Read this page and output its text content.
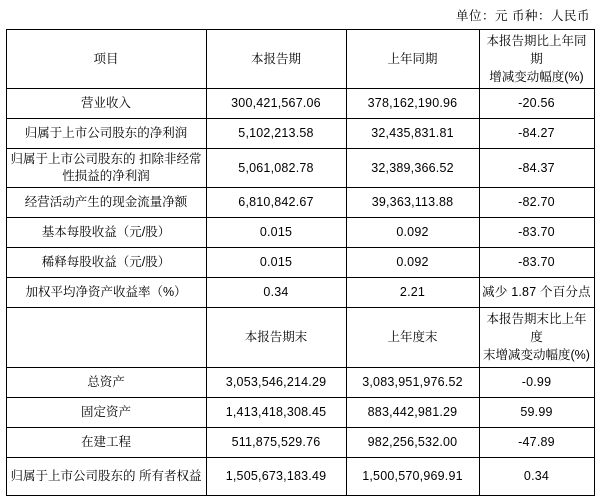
单位：元 币种：人民币
项目	本报告期	上年同期	本报告期比上年同期
增减变动幅度(%)

营业收入	300,421,567.06	378,162,190.96	-20.56
归属于上市公司股东的净利润	5,102,213.58	32,435,831.81	-84.27
归属于上市公司股东的 扣除非经常性损益的净利润	5,061,082.78	32,389,366.52	-84.37
经营活动产生的现金流量净额	6,810,842.67	39,363,113.88	-82.70
基本每股收益（元/股）	0.015	0.092	-83.70
稀释每股收益（元/股）	0.015	0.092	-83.70
加权平均净资产收益率（%）	0.34	2.21	减少 1.87 个百分点
	本报告期末	上年度末	本报告期末比上年度
末增减变动幅度(%)

总资产	3,053,546,214.29	3,083,951,976.52	-0.99
固定资产	1,413,418,308.45	883,442,981.29	59.99
在建工程	511,875,529.76	982,256,532.00	-47.89
归属于上市公司股东的 所有者权益	1,505,673,183.49	1,500,570,969.91	0.34
